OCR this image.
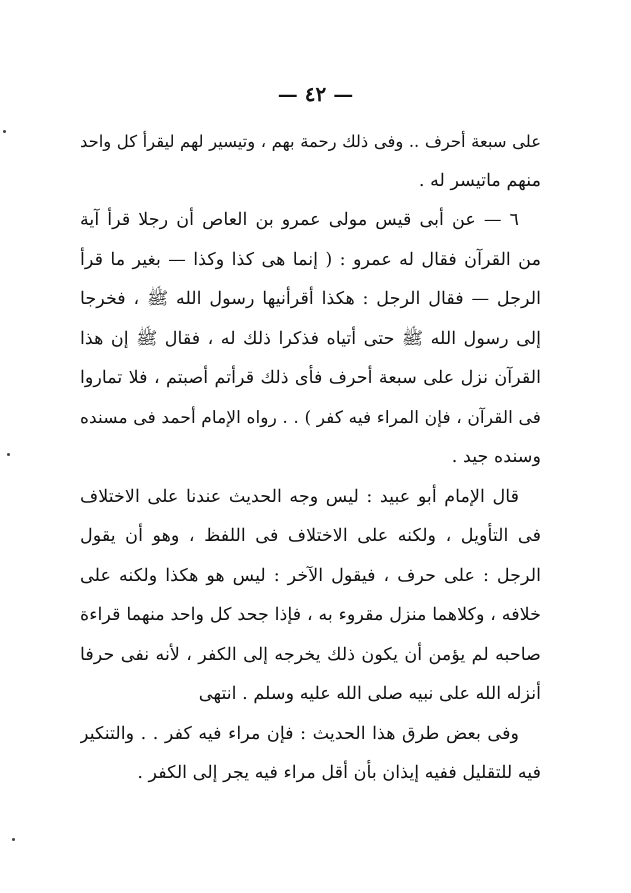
— ٤٢ —
على سبعة أحرف .. وفى ذلك رحمة بهم ، وتيسير لهم ليقرأ كل واحد
منهم ماتيسر له .
٦ — عن أبى قيس مولى عمرو بن العاص أن رجلا قرأ آية
من القرآن فقال له عمرو : ( إنما هى كذا وكذا — بغير ما قرأ
الرجل — فقال الرجل : هكذا أقرأنيها رسول الله ﷺ ، فخرجا
إلى رسول الله ﷺ حتى أتياه فذكرا ذلك له ، فقال ﷺ إن هذا
القرآن نزل على سبعة أحرف فأى ذلك قرأتم أصبتم ، فلا تماروا
فى القرآن ، فإن المراء فيه كفر ) . . رواه الإمام أحمد فى مسنده
وسنده جيد .
قال الإمام أبو عبيد : ليس وجه الحديث عندنا على الاختلاف
فى التأويل ، ولكنه على الاختلاف فى اللفظ ، وهو أن يقول
الرجل : على حرف ، فيقول الآخر : ليس هو هكذا ولكنه على
خلافه ، وكلاهما منزل مقروء به ، فإذا جحد كل واحد منهما قراءة
صاحبه لم يؤمن أن يكون ذلك يخرجه إلى الكفر ، لأنه نفى حرفا
أنزله الله على نبيه صلى الله عليه وسلم . انتهى
وفى بعض طرق هذا الحديث : فإن مراء فيه كفر . . والتنكير
فيه للتقليل ففيه إيذان بأن أقل مراء فيه يجر إلى الكفر .
